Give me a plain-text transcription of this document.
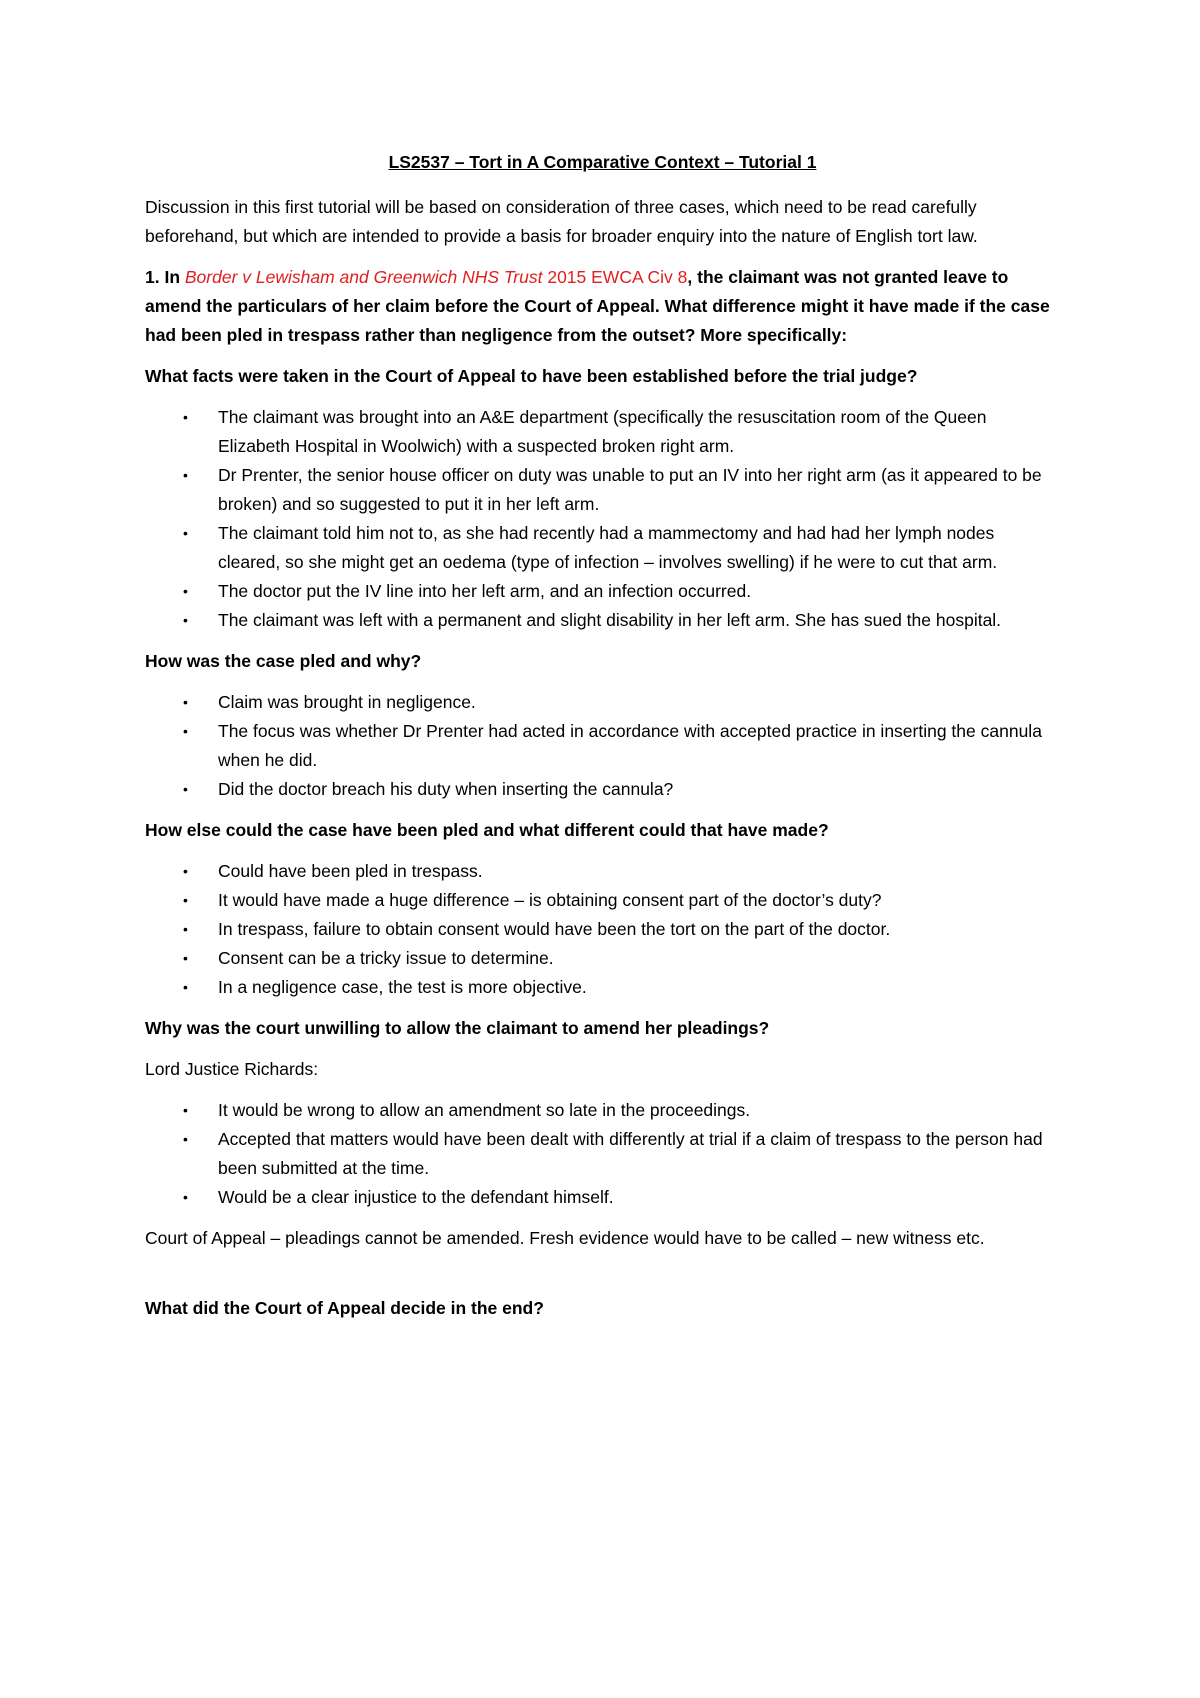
LS2537 – Tort in A Comparative Context – Tutorial 1

Discussion in this first tutorial will be based on consideration of three cases, which need to be read carefully beforehand, but which are intended to provide a basis for broader enquiry into the nature of English tort law.

1. In Border v Lewisham and Greenwich NHS Trust 2015 EWCA Civ 8, the claimant was not granted leave to amend the particulars of her claim before the Court of Appeal. What difference might it have made if the case had been pled in trespass rather than negligence from the outset? More specifically:

What facts were taken in the Court of Appeal to have been established before the trial judge?

• The claimant was brought into an A&E department (specifically the resuscitation room of the Queen Elizabeth Hospital in Woolwich) with a suspected broken right arm.
• Dr Prenter, the senior house officer on duty was unable to put an IV into her right arm (as it appeared to be broken) and so suggested to put it in her left arm.
• The claimant told him not to, as she had recently had a mammectomy and had had her lymph nodes cleared, so she might get an oedema (type of infection – involves swelling) if he were to cut that arm.
• The doctor put the IV line into her left arm, and an infection occurred.
• The claimant was left with a permanent and slight disability in her left arm. She has sued the hospital.

How was the case pled and why?

• Claim was brought in negligence.
• The focus was whether Dr Prenter had acted in accordance with accepted practice in inserting the cannula when he did.
• Did the doctor breach his duty when inserting the cannula?

How else could the case have been pled and what different could that have made?

• Could have been pled in trespass.
• It would have made a huge difference – is obtaining consent part of the doctor’s duty?
• In trespass, failure to obtain consent would have been the tort on the part of the doctor.
• Consent can be a tricky issue to determine.
• In a negligence case, the test is more objective.

Why was the court unwilling to allow the claimant to amend her pleadings?

Lord Justice Richards:

• It would be wrong to allow an amendment so late in the proceedings.
• Accepted that matters would have been dealt with differently at trial if a claim of trespass to the person had been submitted at the time.
• Would be a clear injustice to the defendant himself.

Court of Appeal – pleadings cannot be amended. Fresh evidence would have to be called – new witness etc.

What did the Court of Appeal decide in the end?
